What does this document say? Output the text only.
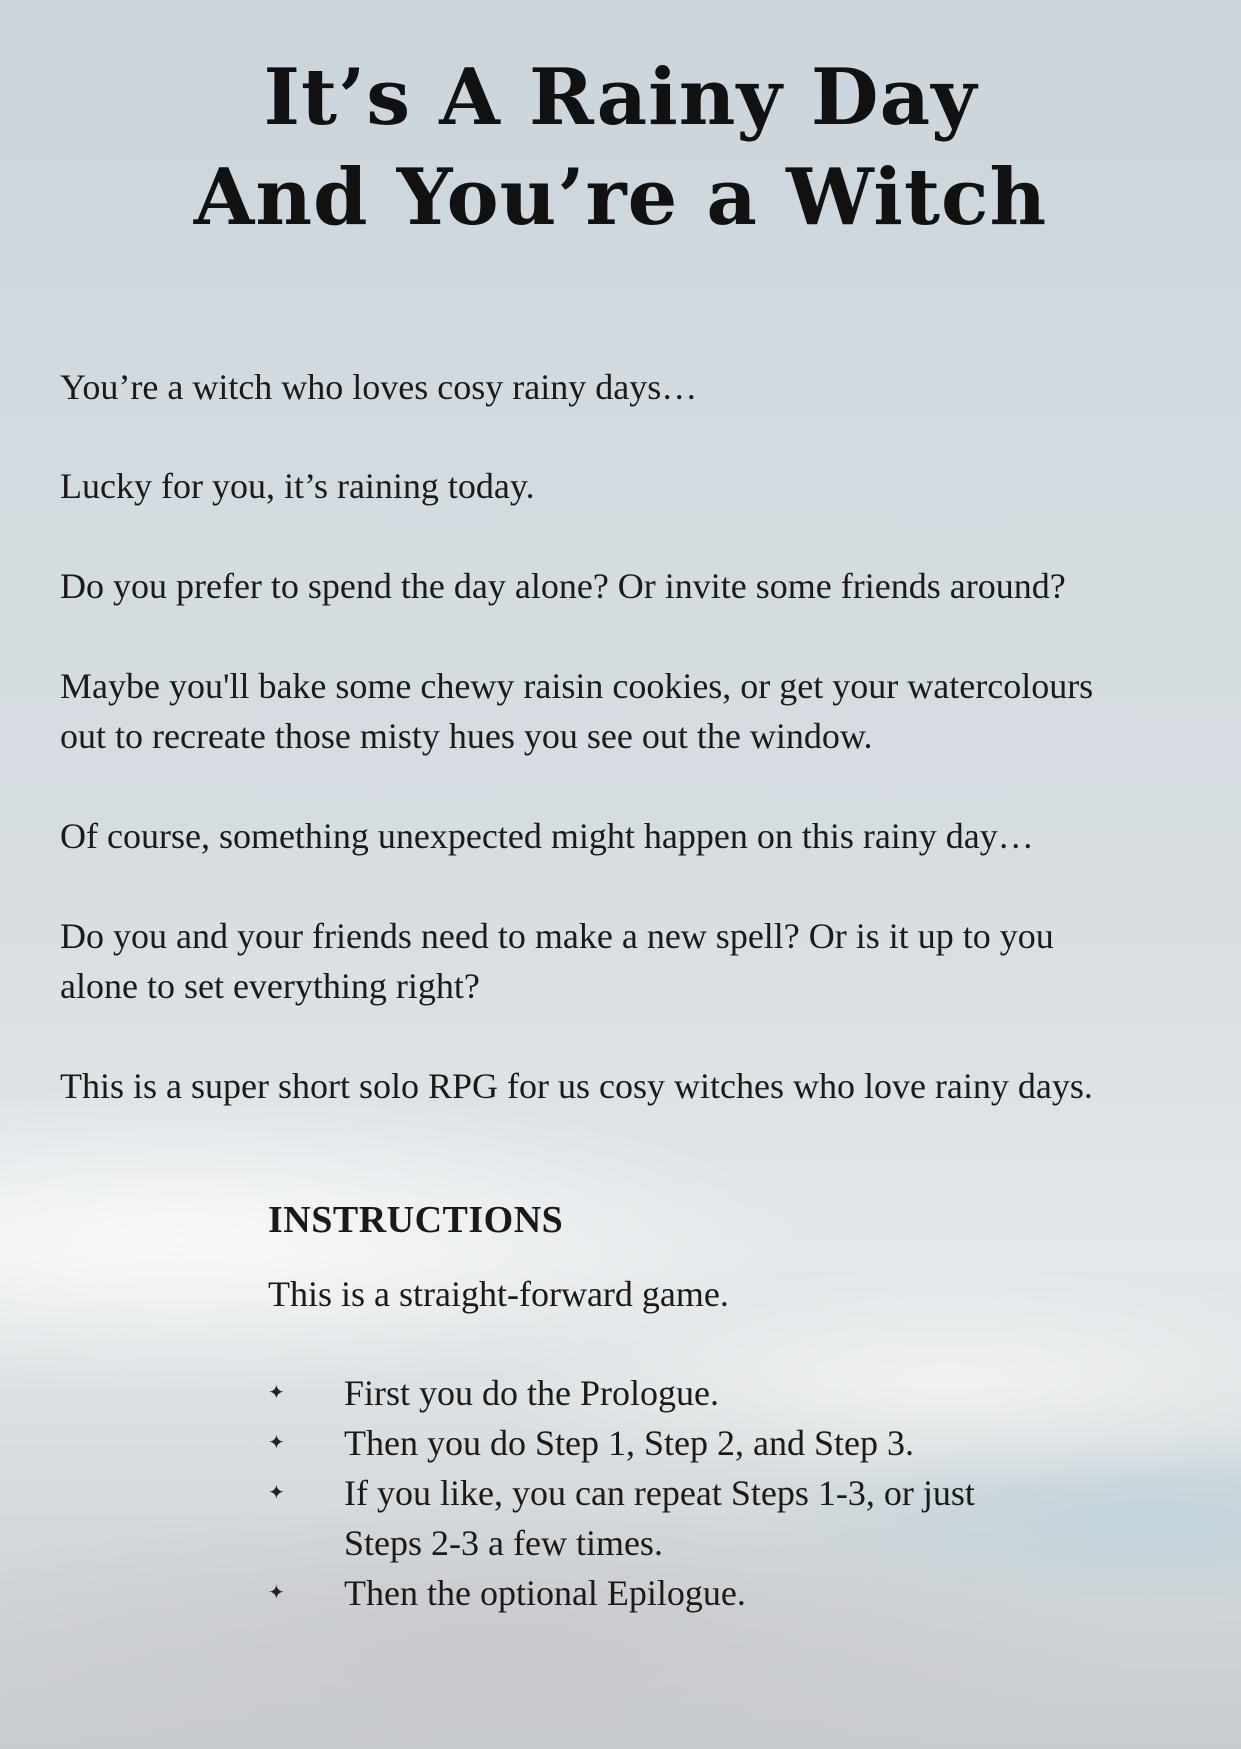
It’s A Rainy Day
And You’re a Witch

You’re a witch who loves cosy rainy days…

Lucky for you, it’s raining today.

Do you prefer to spend the day alone? Or invite some friends around?

Maybe you'll bake some chewy raisin cookies, or get your watercolours

out to recreate those misty hues you see out the window.

Of course, something unexpected might happen on this rainy day…

Do you and your friends need to make a new spell? Or is it up to you

alone to set everything right?

This is a super short solo RPG for us cosy witches who love rainy days.

INSTRUCTIONS

This is a straight-forward game.

✦ First you do the Prologue.
✦ Then you do Step 1, Step 2, and Step 3.
✦ If you like, you can repeat Steps 1-3, or just Steps 2-3 a few times.
✦ Then the optional Epilogue.
